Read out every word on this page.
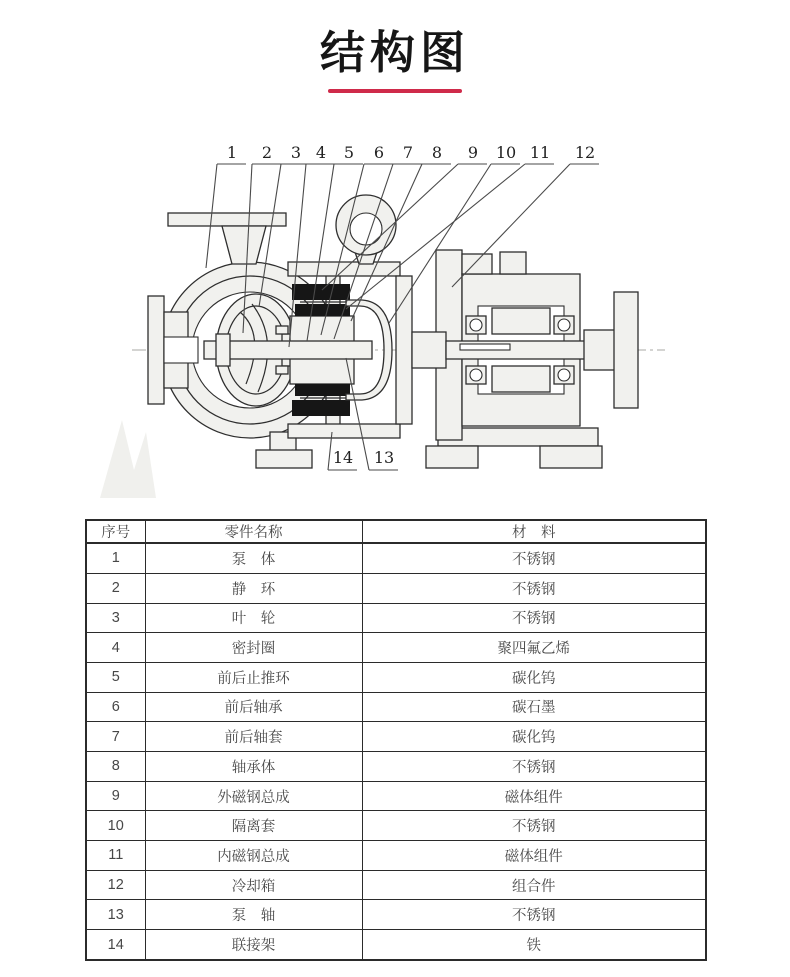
结构图
1 2 3 4 5 6 7 8 9 10 11 12
14 13
序号	零件名称	材　料
1	泵　体	不锈钢
2	静　环	不锈钢
3	叶　轮	不锈钢
4	密封圈	聚四氟乙烯
5	前后止推环	碳化钨
6	前后轴承	碳石墨
7	前后轴套	碳化钨
8	轴承体	不锈钢
9	外磁钢总成	磁体组件
10	隔离套	不锈钢
11	内磁钢总成	磁体组件
12	冷却箱	组合件
13	泵　轴	不锈钢
14	联接架	铁
